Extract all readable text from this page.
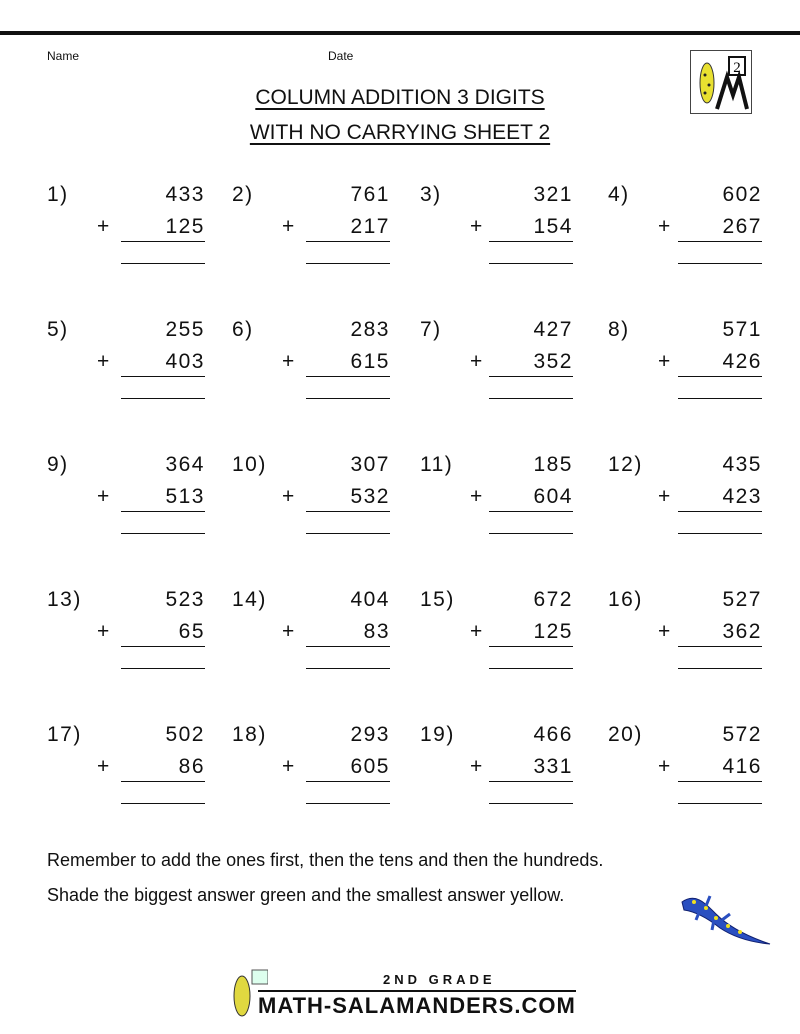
Name	Date
COLUMN ADDITION 3 DIGITS
WITH NO CARRYING SHEET 2
2
1)	433
+	125
2)	761
+	217
3)	321
+	154
4)	602
+	267
5)	255
+	403
6)	283
+	615
7)	427
+	352
8)	571
+	426
9)	364
+	513
10)	307
+	532
11)	185
+	604
12)	435
+	423
13)	523
+	65
14)	404
+	83
15)	672
+	125
16)	527
+	362
17)	502
+	86
18)	293
+	605
19)	466
+	331
20)	572
+	416
Remember to add the ones first, then the tens and then the hundreds.
Shade the biggest answer green and the smallest answer yellow.
2ND GRADE
MATH-SALAMANDERS.COM
